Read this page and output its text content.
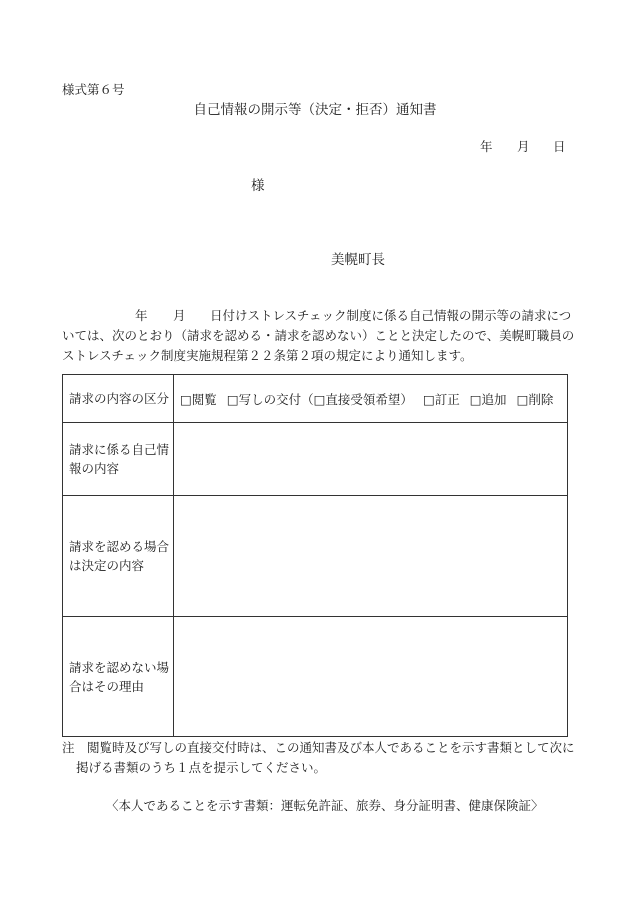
様式第６号
自己情報の開示等（決定・拒否）通知書
年 月 日
様
美幌町長
年 月 日付けストレスチェック制度に係る自己情報の開示等の請求につ
いては、次のとおり（請求を認める・請求を認めない）ことと決定したので、美幌町職員の
ストレスチェック制度実施規程第２２条第２項の規定により通知します。
請求の内容の区分	□閲覧 □写しの交付（□直接受領希望） □訂正 □追加 □削除

請求に係る自己情
報の内容	

請求を認める場合
は決定の内容	

請求を認めない場
合はその理由	

注　閲覧時及び写しの直接交付時は、この通知書及び本人であることを示す書類として次に
掲げる書類のうち１点を提示してください。
〈本人であることを示す書類：運転免許証、旅券、身分証明書、健康保険証〉
